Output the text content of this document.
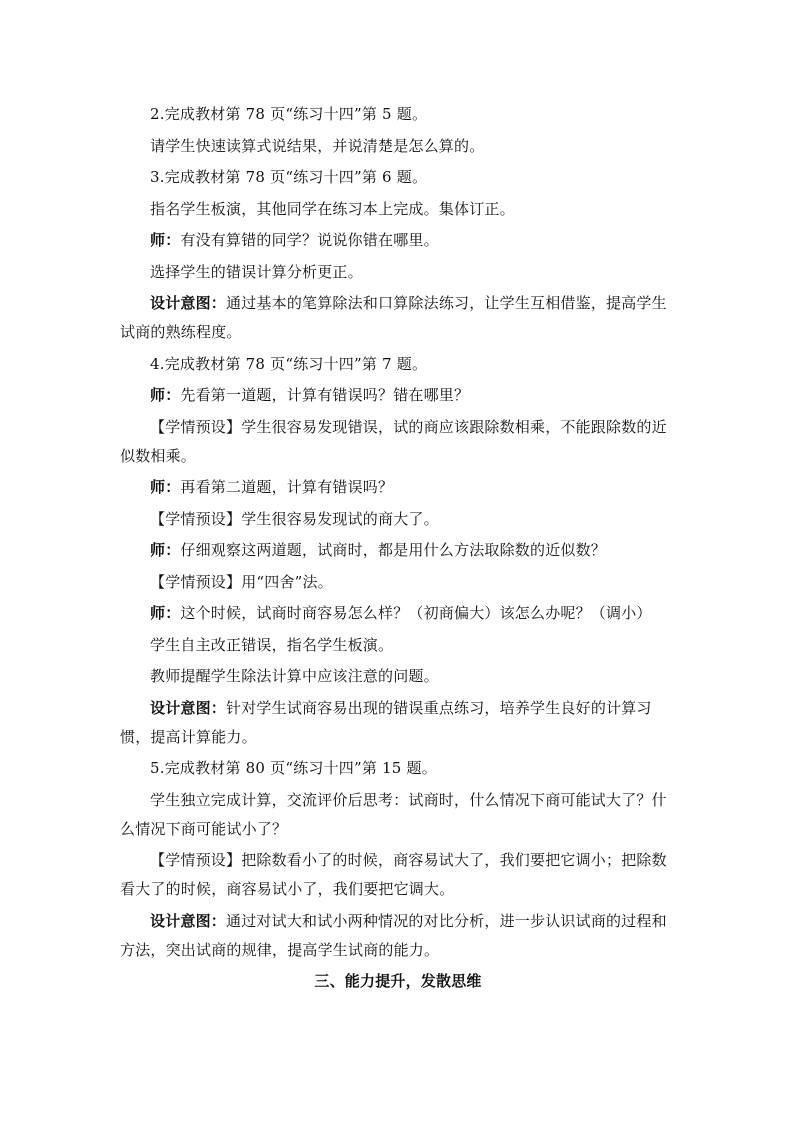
2.完成教材第 78 页“练习十四”第 5 题。

请学生快速读算式说结果，并说清楚是怎么算的。

3.完成教材第 78 页“练习十四”第 6 题。

指名学生板演，其他同学在练习本上完成。集体订正。

师：有没有算错的同学？说说你错在哪里。

选择学生的错误计算分析更正。

设计意图：通过基本的笔算除法和口算除法练习，让学生互相借鉴，提高学生试商的熟练程度。

4.完成教材第 78 页“练习十四”第 7 题。

师：先看第一道题，计算有错误吗？错在哪里？

【学情预设】学生很容易发现错误，试的商应该跟除数相乘，不能跟除数的近似数相乘。

师：再看第二道题，计算有错误吗？

【学情预设】学生很容易发现试的商大了。

师：仔细观察这两道题，试商时，都是用什么方法取除数的近似数？

【学情预设】用“四舍”法。

师：这个时候，试商时商容易怎么样？（初商偏大）该怎么办呢？（调小）

学生自主改正错误，指名学生板演。

教师提醒学生除法计算中应该注意的问题。

设计意图：针对学生试商容易出现的错误重点练习，培养学生良好的计算习惯，提高计算能力。

5.完成教材第 80 页“练习十四”第 15 题。

学生独立完成计算，交流评价后思考：试商时，什么情况下商可能试大了？什么情况下商可能试小了？

【学情预设】把除数看小了的时候，商容易试大了，我们要把它调小；把除数看大了的时候，商容易试小了，我们要把它调大。

设计意图：通过对试大和试小两种情况的对比分析，进一步认识试商的过程和方法，突出试商的规律，提高学生试商的能力。

三、能力提升，发散思维
